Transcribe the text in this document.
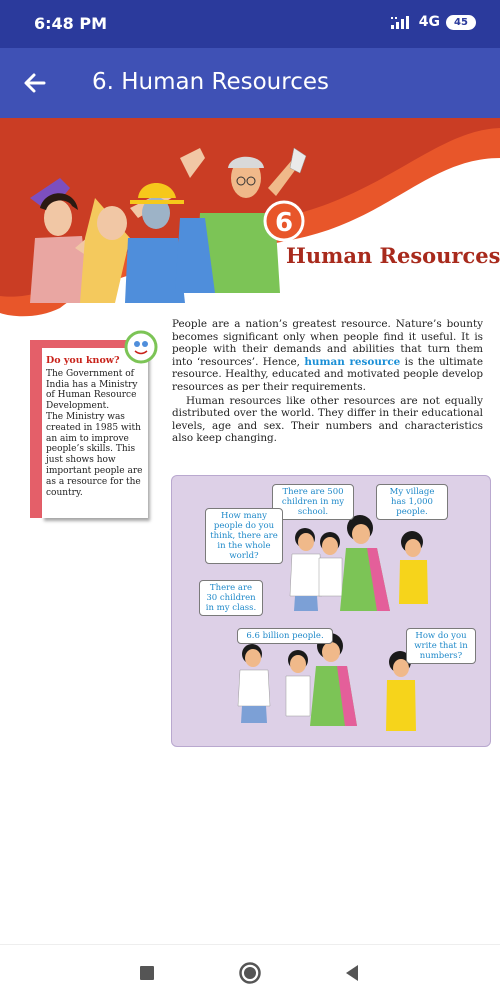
6:48 PM	4G 45
6. Human Resources
6
Human Resources

People are a nation’s greatest resource. Nature’s bounty becomes significant only when people find it useful. It is people with their demands and abilities that turn them into ‘resources’. Hence, human resource is the ultimate resource. Healthy, educated and motivated people develop resources as per their requirements.

Human resources like other resources are not equally distributed over the world. They differ in their educational levels, age and sex. Their numbers and characteristics also keep changing.

Do you know?
The Government of India has a Ministry of Human Resource Development.
The Ministry was created in 1985 with an aim to improve people’s skills. This just shows how important people are as a resource for the country.	There are 500
children in my
school.
My village
has 1,000
people.
How many
people do you
think, there are
in the whole
world?
There are
30 children
in my class.
6.6 billion people.	How do you
write that in
numbers?
